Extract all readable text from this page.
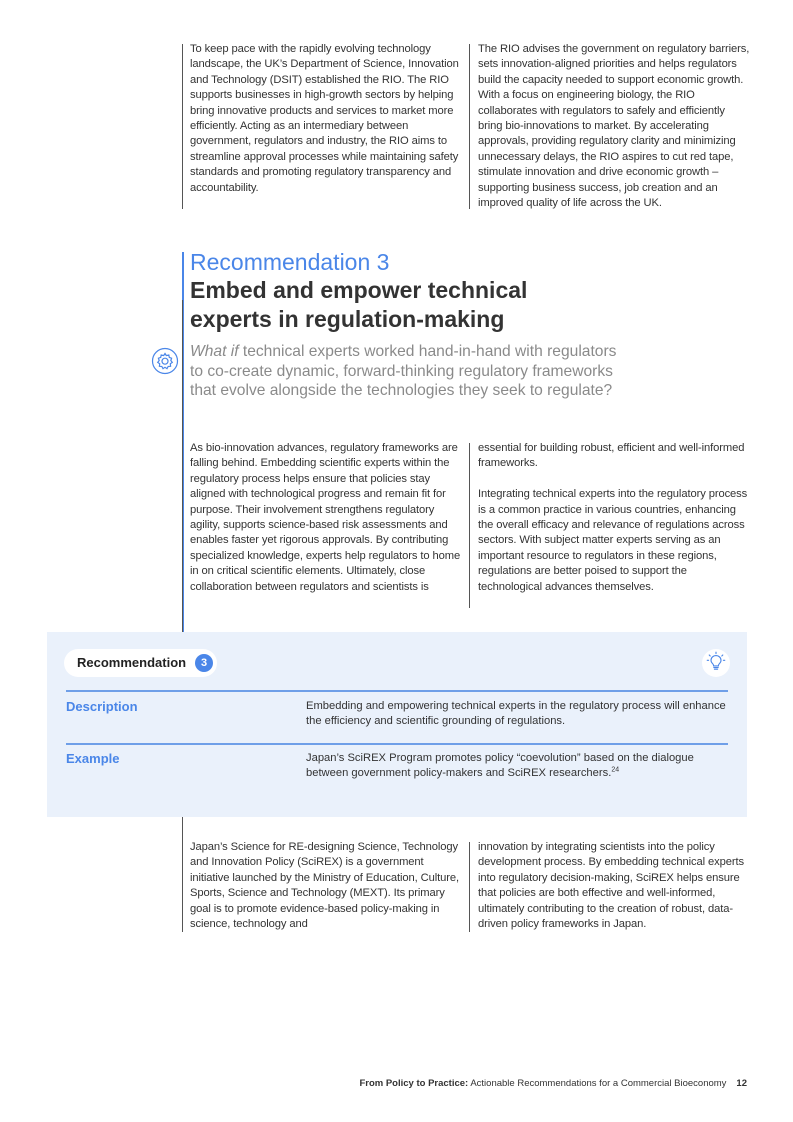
To keep pace with the rapidly evolving technology landscape, the UK’s Department of Science, Innovation and Technology (DSIT) established the RIO. The RIO supports businesses in high-growth sectors by helping bring innovative products and services to market more efficiently. Acting as an intermediary between government, regulators and industry, the RIO aims to streamline approval processes while maintaining safety standards and promoting regulatory transparency and accountability.
The RIO advises the government on regulatory barriers, sets innovation-aligned priorities and helps regulators build the capacity needed to support economic growth. With a focus on engineering biology, the RIO collaborates with regulators to safely and efficiently bring bio-innovations to market. By accelerating approvals, providing regulatory clarity and minimizing unnecessary delays, the RIO aspires to cut red tape, stimulate innovation and drive economic growth – supporting business success, job creation and an improved quality of life across the UK.
Recommendation 3
Embed and empower technical experts in regulation-making
What if technical experts worked hand-in-hand with regulators to co-create dynamic, forward-thinking regulatory frameworks that evolve alongside the technologies they seek to regulate?
As bio-innovation advances, regulatory frameworks are falling behind. Embedding scientific experts within the regulatory process helps ensure that policies stay aligned with technological progress and remain fit for purpose. Their involvement strengthens regulatory agility, supports science-based risk assessments and enables faster yet rigorous approvals. By contributing specialized knowledge, experts help regulators to home in on critical scientific elements. Ultimately, close collaboration between regulators and scientists is

essential for building robust, efficient and well-informed frameworks.

Integrating technical experts into the regulatory process is a common practice in various countries, enhancing the overall efficacy and relevance of regulations across sectors. With subject matter experts serving as an important resource to regulators in these regions, regulations are better poised to support the technological advances themselves.

Recommendation	3
Description	Embedding and empowering technical experts in the regulatory process will enhance the efficiency and scientific grounding of regulations.
Example	Japan’s SciREX Program promotes policy “coevolution” based on the dialogue between government policy-makers and SciREX researchers.$^{24}$
Japan’s Science for RE-designing Science, Technology and Innovation Policy (SciREX) is a government initiative launched by the Ministry of Education, Culture, Sports, Science and Technology (MEXT). Its primary goal is to promote evidence-based policy-making in science, technology and
innovation by integrating scientists into the policy development process. By embedding technical experts into regulatory decision-making, SciREX helps ensure that policies are both effective and well-informed, ultimately contributing to the creation of robust, data-driven policy frameworks in Japan.
From Policy to Practice: Actionable Recommendations for a Commercial Bioeconomy 12
